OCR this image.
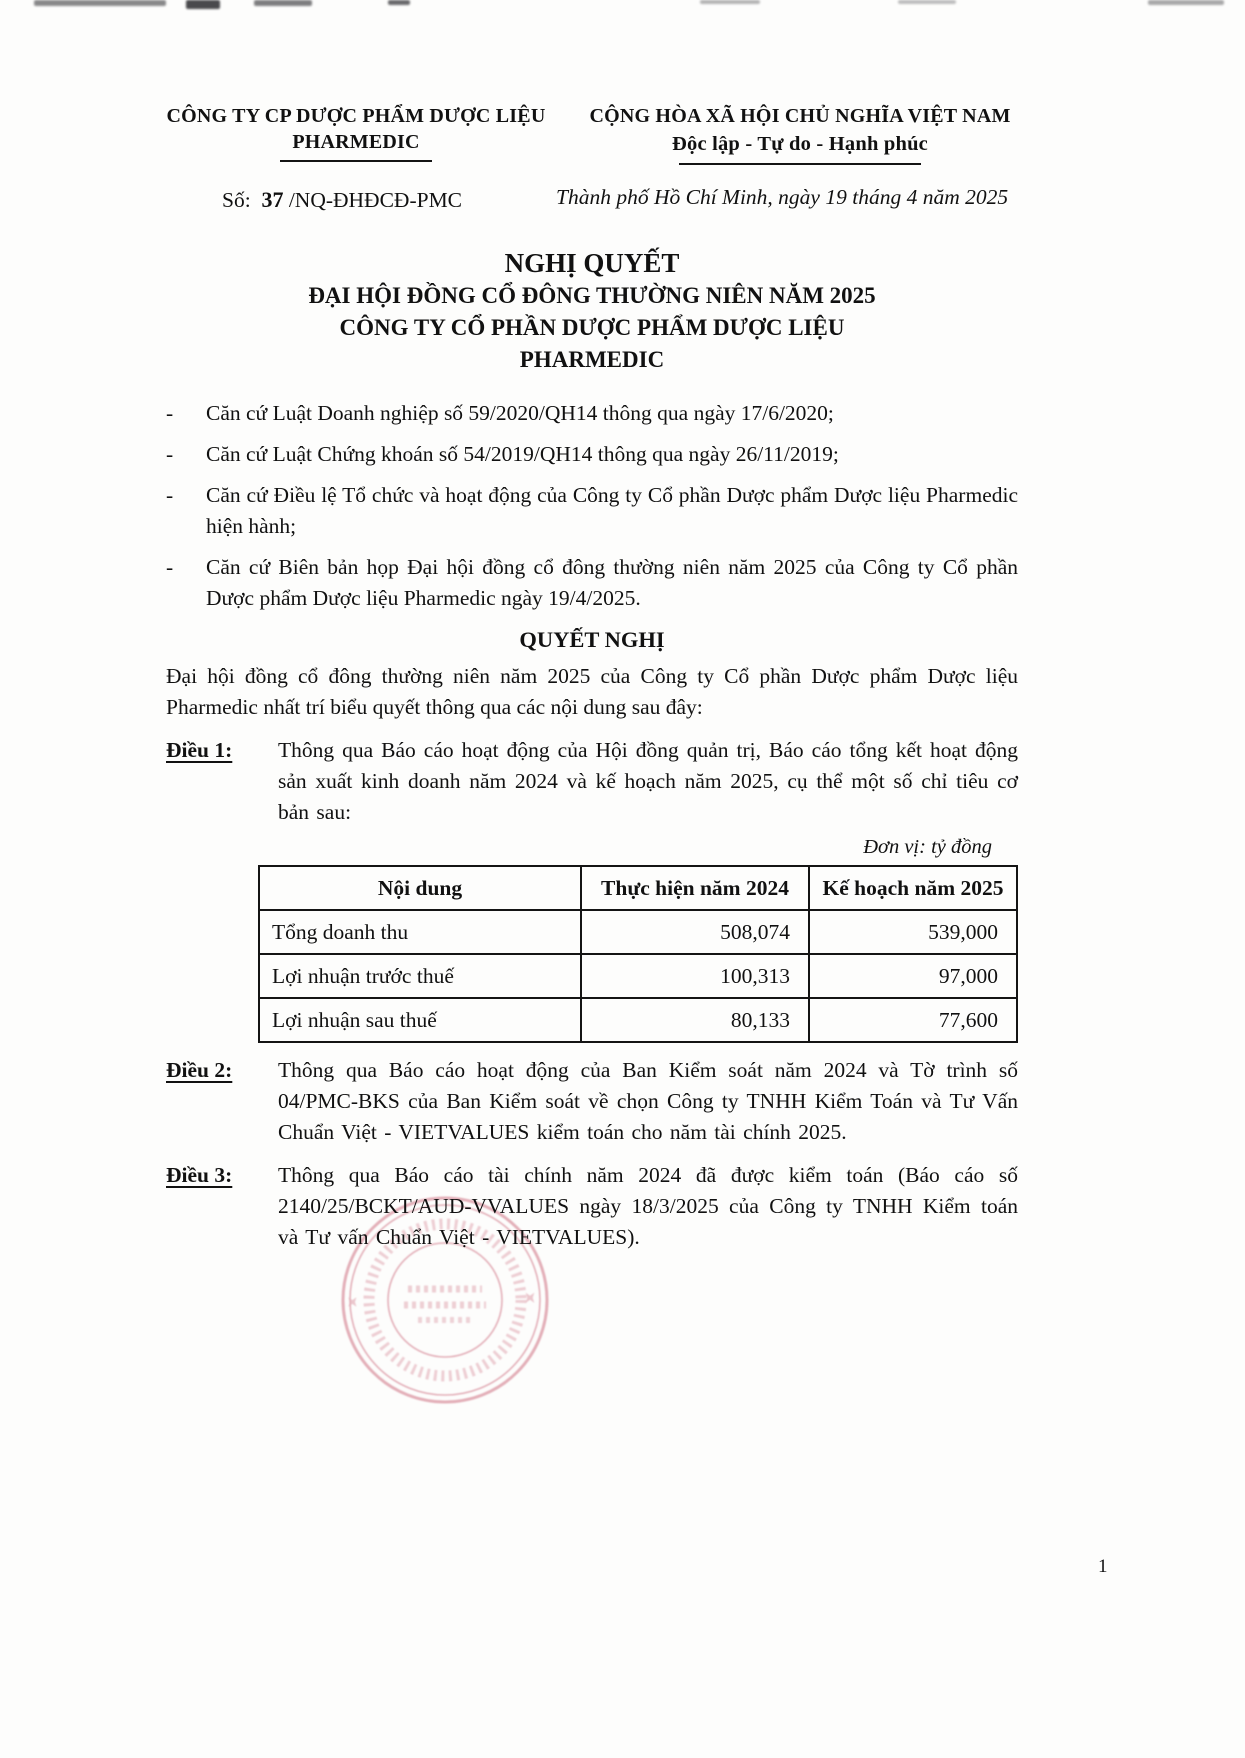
CÔNG TY CP DƯỢC PHẨM DƯỢC LIỆU
PHARMEDIC
CỘNG HÒA XÃ HỘI CHỦ NGHĨA VIỆT NAM
Độc lập - Tự do - Hạnh phúc
Số: 37 /NQ-ĐHĐCĐ-PMC	Thành phố Hồ Chí Minh, ngày 19 tháng 4 năm 2025
NGHỊ QUYẾT
ĐẠI HỘI ĐỒNG CỔ ĐÔNG THƯỜNG NIÊN NĂM 2025
CÔNG TY CỔ PHẦN DƯỢC PHẨM DƯỢC LIỆU
PHARMEDIC
-	Căn cứ Luật Doanh nghiệp số 59/2020/QH14 thông qua ngày 17/6/2020;
-	Căn cứ Luật Chứng khoán số 54/2019/QH14 thông qua ngày 26/11/2019;
-	Căn cứ Điều lệ Tổ chức và hoạt động của Công ty Cổ phần Dược phẩm Dược liệu Pharmedic hiện hành;
-	Căn cứ Biên bản họp Đại hội đồng cổ đông thường niên năm 2025 của Công ty Cổ phần Dược phẩm Dược liệu Pharmedic ngày 19/4/2025.
QUYẾT NGHỊ

Đại hội đồng cổ đông thường niên năm 2025 của Công ty Cổ phần Dược phẩm Dược liệu Pharmedic nhất trí biểu quyết thông qua các nội dung sau đây:

Điều 1:	Thông qua Báo cáo hoạt động của Hội đồng quản trị, Báo cáo tổng kết hoạt động sản xuất kinh doanh năm 2024 và kế hoạch năm 2025, cụ thể một số chỉ tiêu cơ bản sau:
Đơn vị: tỷ đồng
Nội dung	Thực hiện năm 2024	Kế hoạch năm 2025
Tổng doanh thu	508,074	539,000
Lợi nhuận trước thuế	100,313	97,000
Lợi nhuận sau thuế	80,133	77,600
Điều 2:	Thông qua Báo cáo hoạt động của Ban Kiểm soát năm 2024 và Tờ trình số 04/PMC-BKS của Ban Kiểm soát về chọn Công ty TNHH Kiểm Toán và Tư Vấn Chuẩn Việt - VIETVALUES kiểm toán cho năm tài chính 2025.
Điều 3:	Thông qua Báo cáo tài chính năm 2024 đã được kiểm toán (Báo cáo số 2140/25/BCKT/AUD-VVALUES ngày 18/3/2025 của Công ty TNHH Kiểm toán và Tư vấn Chuẩn Việt - VIETVALUES).
1
